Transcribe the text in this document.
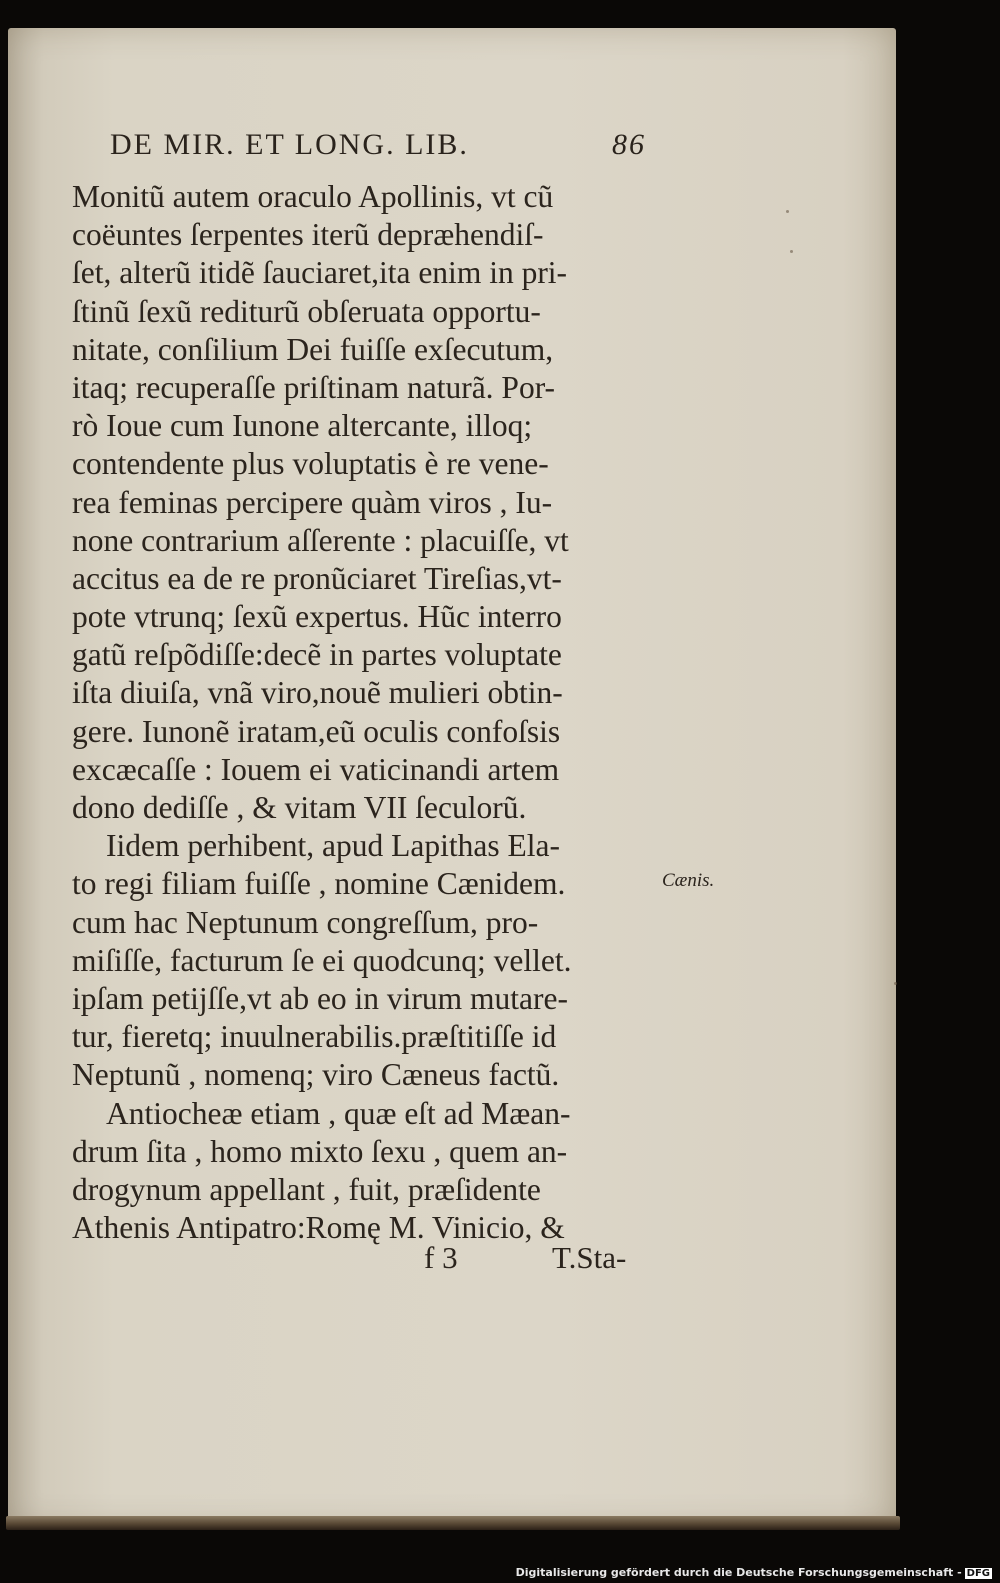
DE MIR. ET LONG. LIB.	86
Monitũ autem oraculo Apollinis, vt cũ
coëuntes ſerpentes iterũ depræhendiſ-
ſet, alterũ itidẽ ſauciaret,ita enim in pri-
ſtinũ ſexũ rediturũ obſeruata opportu-
nitate, conſilium Dei fuiſſe exſecutum,
itaq; recuperaſſe priſtinam naturã. Por-
rò Ioue cum Iunone altercante, illoq;
contendente plus voluptatis è re vene-
rea feminas percipere quàm viros , Iu-
none contrarium aſſerente : placuiſſe, vt
accitus ea de re pronũciaret Tireſias,vt-
pote vtrunq; ſexũ expertus. Hũc interro
gatũ reſpõdiſſe:decẽ in partes voluptate
iſta diuiſa, vnã viro,nouẽ mulieri obtin-
gere. Iunonẽ iratam,eũ oculis confoſsis
excæcaſſe : Iouem ei vaticinandi artem
dono dediſſe , & vitam VII ſeculorũ.
Iidem perhibent, apud Lapithas Ela-
to regi filiam fuiſſe , nomine Cænidem.
cum hac Neptunum congreſſum, pro-
miſiſſe, facturum ſe ei quodcunq; vellet.
ipſam petijſſe,vt ab eo in virum mutare-
tur, fieretq; inuulnerabilis.præſtitiſſe id
Neptunũ , nomenq; viro Cæneus factũ.
Antiocheæ etiam , quæ eſt ad Mæan-
drum ſita , homo mixto ſexu , quem an-
drogynum appellant , fuit, præſidente
Athenis Antipatro:Romę M. Vinicio, &
Cænis.
f 3	T.Sta-
Digitalisierung gefördert durch die Deutsche Forschungsgemeinschaft - DFG
